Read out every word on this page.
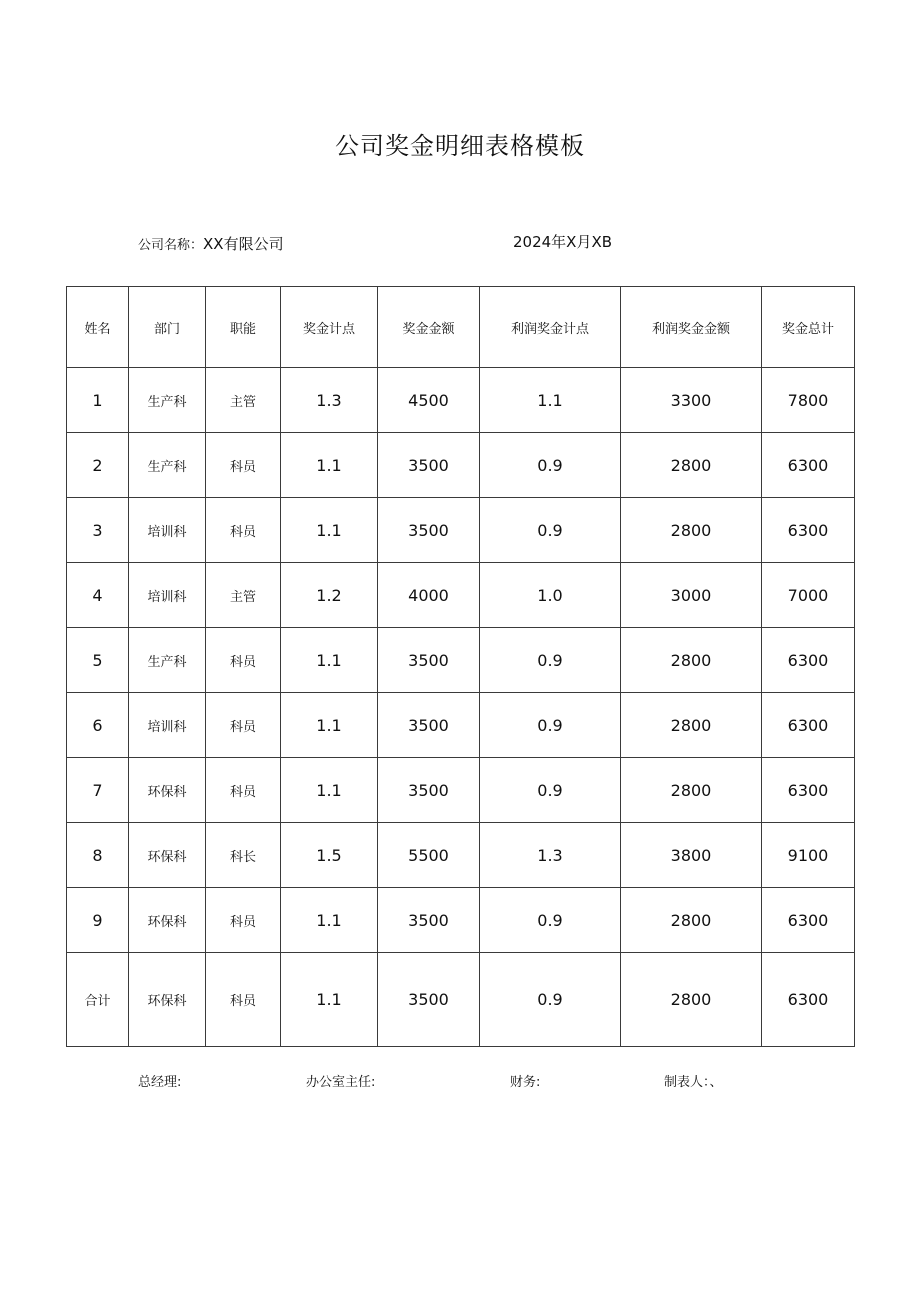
公司奖金明细表格模板
公司名称：XX有限公司	2024年X月XB
姓名	部门	职能	奖金计点	奖金金额	利润奖金计点	利润奖金金额	奖金总计
1	生产科	主管	1.3	4500	1.1	3300	7800
2	生产科	科员	1.1	3500	0.9	2800	6300
3	培训科	科员	1.1	3500	0.9	2800	6300
4	培训科	主管	1.2	4000	1.0	3000	7000
5	生产科	科员	1.1	3500	0.9	2800	6300
6	培训科	科员	1.1	3500	0.9	2800	6300
7	环保科	科员	1.1	3500	0.9	2800	6300
8	环保科	科长	1.5	5500	1.3	3800	9100
9	环保科	科员	1.1	3500	0.9	2800	6300
合计	环保科	科员	1.1	3500	0.9	2800	6300
总经理:	办公室主任:	财务:	制表人：、
